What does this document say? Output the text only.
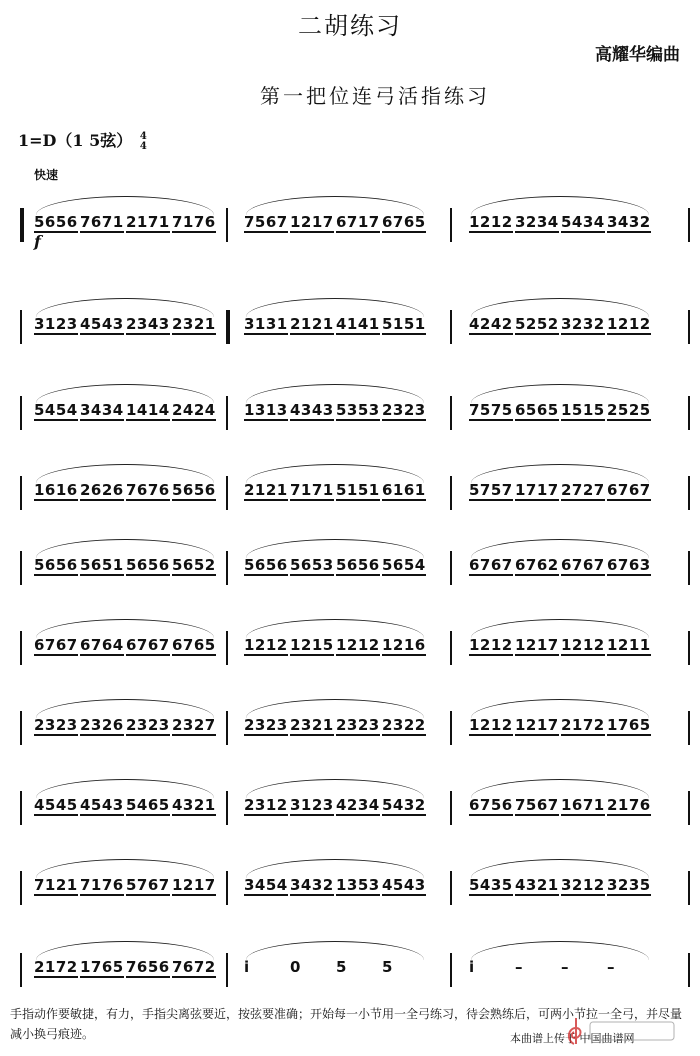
二胡练习
高耀华编曲
第一把位连弓活指练习
1=D（1 5弦） 4
4
快速
f
5656 7671 2171 7176 7567 1217 6717 6765	1212 3234 5434 3432
3123 4543 2343 2321 3131 2121 4141 5151	4242 5252 3232 1212
5454 3434 1414 2424 1313 4343 5353 2323	7575 6565 1515 2525
1616 2626 7676 5656 2121 7171 5151 6161	5757 1717 2727 6767
5656 5651 5656 5652 5656 5653 5656 5654	6767 6762 6767 6763
6767 6764 6767 6765 1212 1215 1212 1216	1212 1217 1212 1211
2323 2326 2323 2327 2323 2321 2323 2322	1212 1217 2172 1765
4545 4543 5465 4321 2312 3123 4234 5432	6756 7567 1671 2176
7121 7176 5767 1217 3454 3432 1353 4543	5435 4321 3212 3235
2172 1765 7656 7672 i	0 5 5	i	–	–	–
手指动作要敏捷，有力，手指尖离弦要近，按弦要准确；开始每一小节用一全弓练习，待会熟练后，可两小节拉一全弓，并尽量减小换弓痕迹。	本曲谱上传于 中国曲谱网
